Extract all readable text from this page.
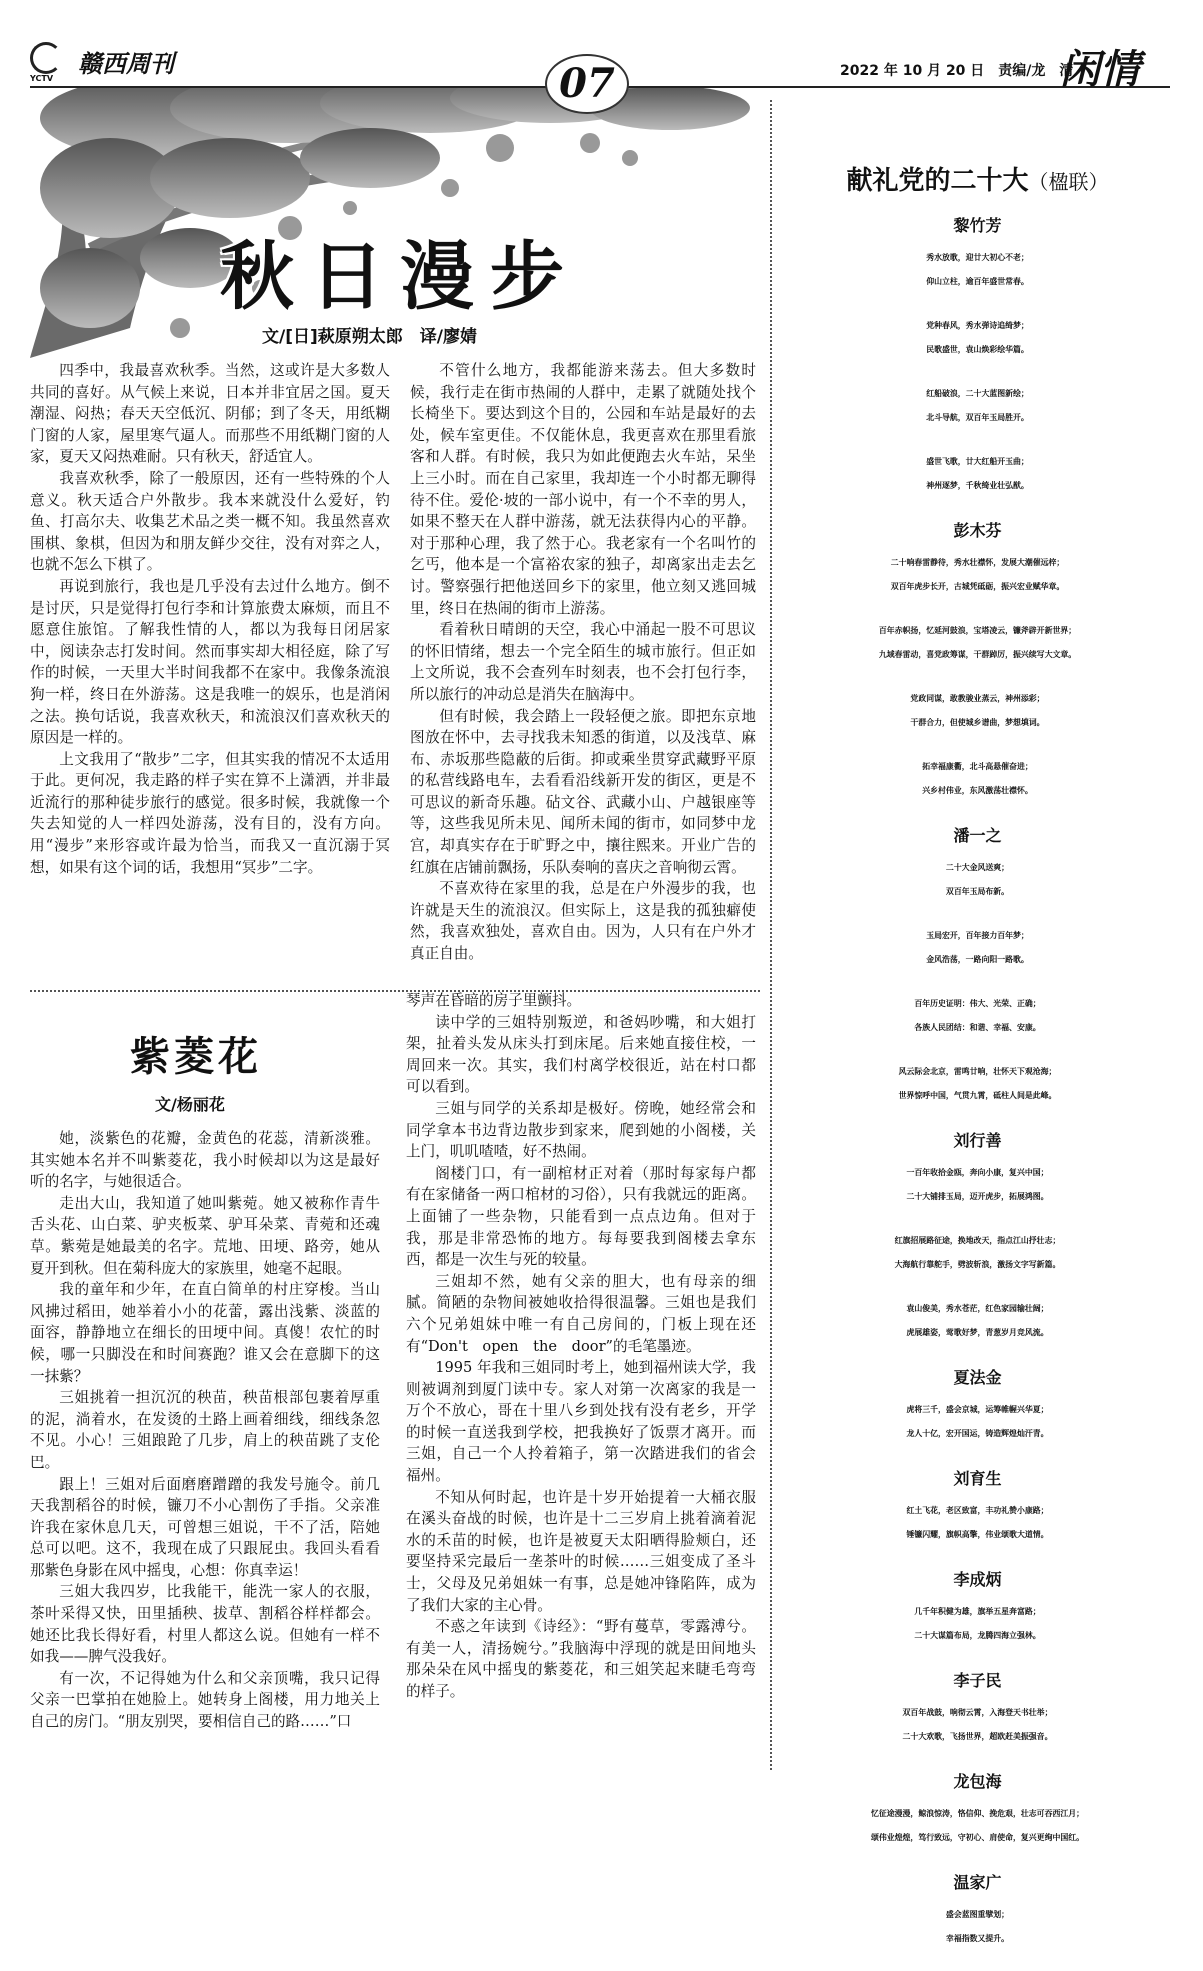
YCTV
赣西周刊	07	2022 年 10 月 20 日　责编/龙　清
闲情
秋日漫步
文/[日]萩原朔太郎　译/廖婧

四季中，我最喜欢秋季。当然，这或许是大多数人共同的喜好。从气候上来说，日本并非宜居之国。夏天潮湿、闷热；春天天空低沉、阴郁；到了冬天，用纸糊门窗的人家，屋里寒气逼人。而那些不用纸糊门窗的人家，夏天又闷热难耐。只有秋天，舒适宜人。

我喜欢秋季，除了一般原因，还有一些特殊的个人意义。秋天适合户外散步。我本来就没什么爱好，钓鱼、打高尔夫、收集艺术品之类一概不知。我虽然喜欢围棋、象棋，但因为和朋友鲜少交往，没有对弈之人，也就不怎么下棋了。

再说到旅行，我也是几乎没有去过什么地方。倒不是讨厌，只是觉得打包行李和计算旅费太麻烦，而且不愿意住旅馆。了解我性情的人，都以为我每日闭居家中，阅读杂志打发时间。然而事实却大相径庭，除了写作的时候，一天里大半时间我都不在家中。我像条流浪狗一样，终日在外游荡。这是我唯一的娱乐，也是消闲之法。换句话说，我喜欢秋天，和流浪汉们喜欢秋天的原因是一样的。

上文我用了“散步”二字，但其实我的情况不太适用于此。更何况，我走路的样子实在算不上潇洒，并非最近流行的那种徒步旅行的感觉。很多时候，我就像一个失去知觉的人一样四处游荡，没有目的，没有方向。用“漫步”来形容或许最为恰当，而我又一直沉溺于冥想，如果有这个词的话，我想用“冥步”二字。

不管什么地方，我都能游来荡去。但大多数时候，我行走在街市热闹的人群中，走累了就随处找个长椅坐下。要达到这个目的，公园和车站是最好的去处，候车室更佳。不仅能休息，我更喜欢在那里看旅客和人群。有时候，我只为如此便跑去火车站，呆坐上三小时。而在自己家里，我却连一个小时都无聊得待不住。爱伦·坡的一部小说中，有一个不幸的男人，如果不整天在人群中游荡，就无法获得内心的平静。对于那种心理，我了然于心。我老家有一个名叫竹的乞丐，他本是一个富裕农家的独子，却离家出走去乞讨。警察强行把他送回乡下的家里，他立刻又逃回城里，终日在热闹的街市上游荡。

看着秋日晴朗的天空，我心中涌起一股不可思议的怀旧情绪，想去一个完全陌生的城市旅行。但正如上文所说，我不会查列车时刻表，也不会打包行李，所以旅行的冲动总是消失在脑海中。

但有时候，我会踏上一段轻便之旅。即把东京地图放在怀中，去寻找我未知悉的街道，以及浅草、麻布、赤坂那些隐蔽的后街。抑或乘坐贯穿武藏野平原的私营线路电车，去看看沿线新开发的街区，更是不可思议的新奇乐趣。砧文谷、武藏小山、户越银座等等，这些我见所未见、闻所未闻的街市，如同梦中龙宫，却真实存在于旷野之中，攘往熙来。开业广告的红旗在店铺前飘扬，乐队奏响的喜庆之音响彻云霄。

不喜欢待在家里的我，总是在户外漫步的我，也许就是天生的流浪汉。但实际上，这是我的孤独癖使然，我喜欢独处，喜欢自由。因为，人只有在户外才真正自由。

紫菱花
文/杨丽花

她，淡紫色的花瓣，金黄色的花蕊，清新淡雅。其实她本名并不叫紫菱花，我小时候却以为这是最好听的名字，与她很适合。

走出大山，我知道了她叫紫菀。她又被称作青牛舌头花、山白菜、驴夹板菜、驴耳朵菜、青菀和还魂草。紫菀是她最美的名字。荒地、田埂、路旁，她从夏开到秋。但在菊科庞大的家族里，她毫不起眼。

我的童年和少年，在直白简单的村庄穿梭。当山风拂过稻田，她举着小小的花蕾，露出浅紫、淡蓝的面容，静静地立在细长的田埂中间。真傻！农忙的时候，哪一只脚没在和时间赛跑？谁又会在意脚下的这一抹紫？

三姐挑着一担沉沉的秧苗，秧苗根部包裹着厚重的泥，淌着水，在发烫的土路上画着细线，细线条忽不见。小心！三姐踉跄了几步，肩上的秧苗跳了支伦巴。

跟上！三姐对后面磨磨蹭蹭的我发号施令。前几天我割稻谷的时候，镰刀不小心割伤了手指。父亲准许我在家休息几天，可曾想三姐说，干不了活，陪她总可以吧。这不，我现在成了只跟屁虫。我回头看看那紫色身影在风中摇曳，心想：你真幸运！

三姐大我四岁，比我能干，能洗一家人的衣服，茶叶采得又快，田里插秧、拔草、割稻谷样样都会。她还比我长得好看，村里人都这么说。但她有一样不如我——脾气没我好。

有一次，不记得她为什么和父亲顶嘴，我只记得父亲一巴掌拍在她脸上。她转身上阁楼，用力地关上自己的房门。“朋友别哭，要相信自己的路……”口

琴声在昏暗的房子里颤抖。

读中学的三姐特别叛逆，和爸妈吵嘴，和大姐打架，扯着头发从床头打到床尾。后来她直接住校，一周回来一次。其实，我们村离学校很近，站在村口都可以看到。

三姐与同学的关系却是极好。傍晚，她经常会和同学拿本书边背边散步到家来，爬到她的小阁楼，关上门，叽叽喳喳，好不热闹。

阁楼门口，有一副棺材正对着（那时每家每户都有在家储备一两口棺材的习俗），只有我就远的距离。上面铺了一些杂物，只能看到一点点边角。但对于我，那是非常恐怖的地方。每每要我到阁楼去拿东西，都是一次生与死的较量。

三姐却不然，她有父亲的胆大，也有母亲的细腻。简陋的杂物间被她收拾得很温馨。三姐也是我们六个兄弟姐妹中唯一有自己房间的，门板上现在还有“Don't　open　the　door”的毛笔墨迹。

1995 年我和三姐同时考上，她到福州读大学，我则被调剂到厦门读中专。家人对第一次离家的我是一万个不放心，哥在十里八乡到处找有没有老乡，开学的时候一直送我到学校，把我换好了饭票才离开。而三姐，自己一个人拎着箱子，第一次踏进我们的省会福州。

不知从何时起，也许是十岁开始提着一大桶衣服在溪头奋战的时候，也许是十二三岁肩上挑着滴着泥水的禾苗的时候，也许是被夏天太阳晒得脸颊白，还要坚持采完最后一垄茶叶的时候……三姐变成了圣斗士，父母及兄弟姐妹一有事，总是她冲锋陷阵，成为了我们大家的主心骨。

不惑之年读到《诗经》：“野有蔓草，零露溥兮。有美一人，清扬婉兮。”我脑海中浮现的就是田间地头那朵朵在风中摇曳的紫菱花，和三姐笑起来睫毛弯弯的样子。

献礼党的二十大（楹联）
黎竹芳
秀水放歌，迎廿大初心不老；
仰山立柱，逾百年盛世常春。
党种春风，秀水弹诗追绮梦；
民歌盛世，袁山焕彩绘华篇。
红船破浪，二十大蓝图新绘；
北斗导航，双百年玉局胜开。
盛世飞歌，廿大红船开玉曲；
神州逐梦，千秋绮业壮弘猷。
彭木芬
二十响春雷静待，秀水壮襟怀，发展大潮催远梓；
双百年虎步长开，古城凭砥砺，振兴宏业赋华章。
百年赤帜扬，忆延河鼓浪，宝塔凌云，镰斧辟开新世界；
九域春雷动，喜党政筹谋，干群踔厉，振兴续写大文章。
党政同谋，敢教骏业蒸云，神州添彩；
干群合力，但使城乡谱曲，梦想填词。
拓幸福康衢，北斗高悬催奋进；
兴乡村伟业，东风激荡壮襟怀。
潘一之
二十大金风送爽；
双百年玉局布新。
玉局宏开，百年接力百年梦；
金风浩荡，一路向阳一路歌。
百年历史证明：伟大、光荣、正确；
各族人民团结：和谐、幸福、安康。
风云际会北京，雷鸣廿响，壮怀天下观沧海；
世界惊呼中国，气贯九霄，砥柱人间是此峰。
刘行善
一百年收拾金瓯，奔向小康，复兴中国；
二十大铺排玉局，迈开虎步，拓展鸿图。
红旗招展路征途，换地改天，指点江山抒壮志；
大海航行靠舵手，劈波斩浪，激扬文字写新篇。
袁山俊美，秀水苍茫，红色家园输壮阔；
虎展雄姿，莺歌好梦，青葱岁月竞风流。
夏法金
虎将三千，盛会京城，运筹帷幄兴华夏；
龙人十亿，宏开国运，铸造辉煌灿汗青。
刘育生
红土飞花，老区致富，丰功礼赞小康路；
锤镰闪耀，旗帜高擎，伟业颂歌大道情。
李成炳
几千年积健为雄，旗举五星奔富路；
二十大谋篇布局，龙腾四海立强林。
李子民
双百年战鼓，响彻云霄，入海登天书壮举；
二十大欢歌，飞扬世界，超欧赶美振强音。
龙包海
忆征途漫漫，鲸浪惊涛，恪信仰、挽危艰，壮志可吞西江月；
颂伟业煌煌，笃行致远，守初心、肩使命，复兴更绚中国红。
温家广
盛会蓝图重擘划；
幸福指数又提升。
